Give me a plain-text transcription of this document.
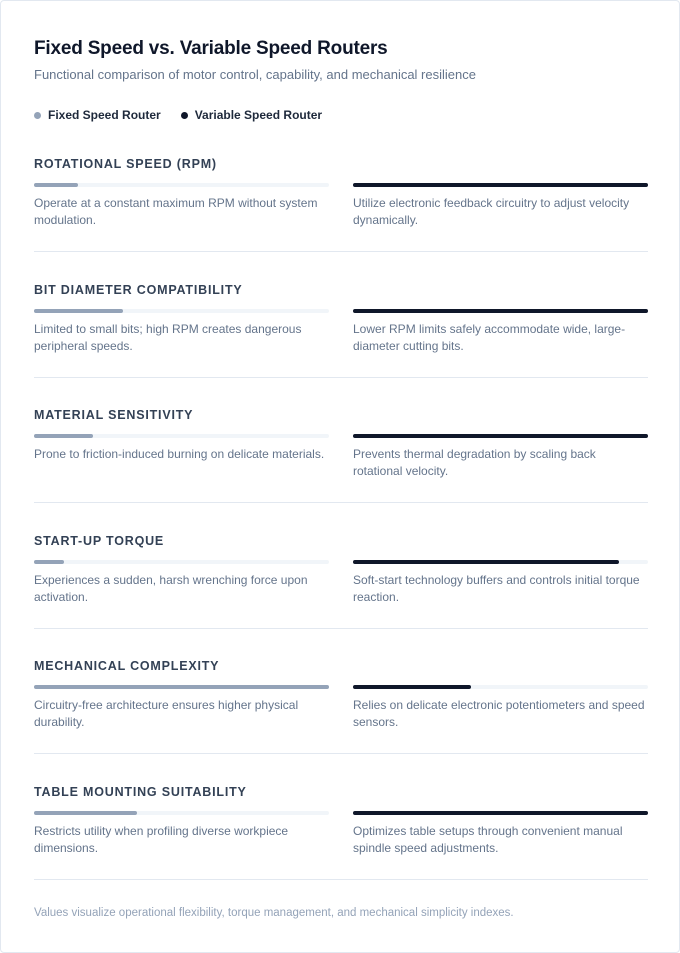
Fixed Speed vs. Variable Speed Routers
Functional comparison of motor control, capability, and mechanical resilience
Fixed Speed Router	Variable Speed Router
ROTATIONAL SPEED (RPM)
Operate at a constant maximum RPM without system modulation.
Utilize electronic feedback circuitry to adjust velocity dynamically.
BIT DIAMETER COMPATIBILITY
Limited to small bits; high RPM creates dangerous peripheral speeds.
Lower RPM limits safely accommodate wide, large-diameter cutting bits.
MATERIAL SENSITIVITY
Prone to friction-induced burning on delicate materials.	Prevents thermal degradation by scaling back rotational velocity.
START-UP TORQUE
Experiences a sudden, harsh wrenching force upon activation.
Soft-start technology buffers and controls initial torque reaction.
MECHANICAL COMPLEXITY
Circuitry-free architecture ensures higher physical durability.
Relies on delicate electronic potentiometers and speed sensors.
TABLE MOUNTING SUITABILITY
Restricts utility when profiling diverse workpiece dimensions.
Optimizes table setups through convenient manual spindle speed adjustments.
Values visualize operational flexibility, torque management, and mechanical simplicity indexes.
